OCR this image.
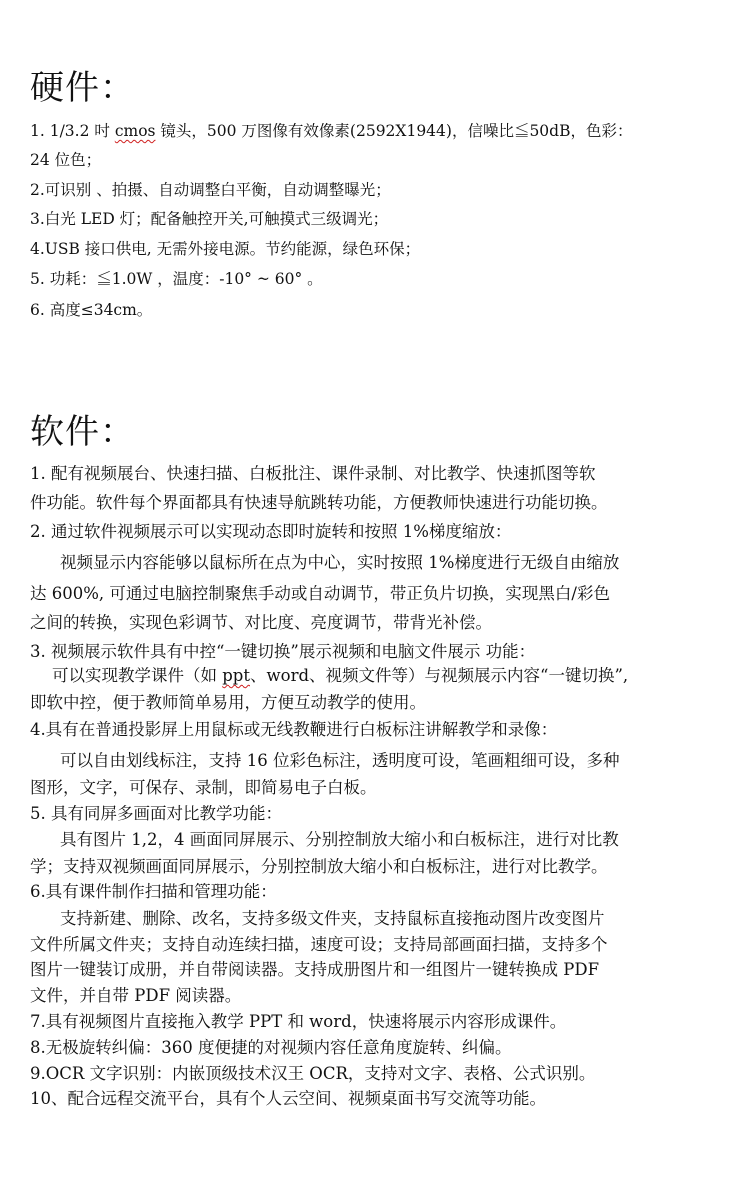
硬件：
1. 1/3.2 吋 cmos 镜头，500 万图像有效像素(2592X1944)，信噪比≦50dB，色彩：
24 位色；
2.可识别 、拍摄、自动调整白平衡，自动调整曝光；
3.白光 LED 灯；配备触控开关,可触摸式三级调光；
4.USB 接口供电, 无需外接电源。节约能源，绿色环保；
5. 功耗：≦1.0W ，温度：-10° ~ 60° 。
6. 高度≤34cm。
软件：
1. 配有视频展台、快速扫描、白板批注、课件录制、对比教学、快速抓图等软
件功能。软件每个界面都具有快速导航跳转功能，方便教师快速进行功能切换。
2. 通过软件视频展示可以实现动态即时旋转和按照 1%梯度缩放：
视频显示内容能够以鼠标所在点为中心，实时按照 1%梯度进行无级自由缩放
达 600%, 可通过电脑控制聚焦手动或自动调节，带正负片切换，实现黑白/彩色
之间的转换，实现色彩调节、对比度、亮度调节，带背光补偿。
3. 视频展示软件具有中控“一键切换”展示视频和电脑文件展示 功能：
可以实现教学课件（如 ppt、word、视频文件等）与视频展示内容“一键切换”,
即软中控，便于教师简单易用，方便互动教学的使用。
4.具有在普通投影屏上用鼠标或无线教鞭进行白板标注讲解教学和录像：
可以自由划线标注，支持 16 位彩色标注，透明度可设，笔画粗细可设，多种
图形，文字，可保存、录制，即简易电子白板。
5. 具有同屏多画面对比教学功能：
具有图片 1,2，4 画面同屏展示、分别控制放大缩小和白板标注，进行对比教
学；支持双视频画面同屏展示，分别控制放大缩小和白板标注，进行对比教学。
6.具有课件制作扫描和管理功能：
支持新建、删除、改名，支持多级文件夹，支持鼠标直接拖动图片改变图片
文件所属文件夹；支持自动连续扫描，速度可设；支持局部画面扫描，支持多个
图片一键装订成册，并自带阅读器。支持成册图片和一组图片一键转换成 PDF
文件，并自带 PDF 阅读器。
7.具有视频图片直接拖入教学 PPT 和 word，快速将展示内容形成课件。
8.无极旋转纠偏：360 度便捷的对视频内容任意角度旋转、纠偏。
9.OCR 文字识别：内嵌顶级技术汉王 OCR，支持对文字、表格、公式识别。
10、配合远程交流平台，具有个人云空间、视频桌面书写交流等功能。
